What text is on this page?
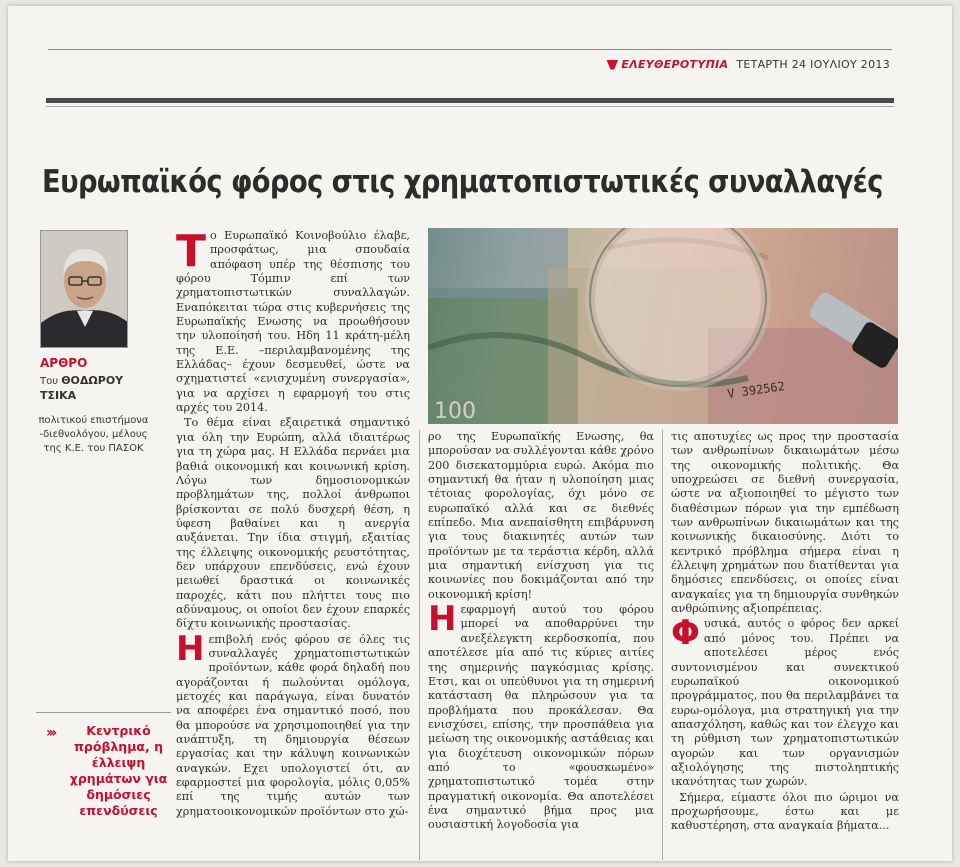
ΕΛΕΥΘΕΡΟΤΥΠΙΑ ΤΕΤΑΡΤΗ 24 ΙΟΥΛΙΟΥ 2013
Ευρωπαϊκός φόρος στις χρηματοπιστωτικές συναλλαγές
ΑΡΘΡΟ
Του ΘΟΔΩΡΟΥ
ΤΣΙΚΑ
πολιτικού επιστήμονα -διεθνολόγου, μέλους της Κ.Ε. του ΠΑΣΟΚ
›››	Κεντρικό πρόβλημα, η έλλειψη χρημάτων για δημόσιες επενδύσεις
100
V 392562

Τ ο Ευρωπαϊκό Κοινοβούλιο έλαβε, προσφάτως, μια σπουδαία απόφαση υπέρ της θέσπισης του φόρου Τόμπιν επί των χρηματοπιστωτικών συναλλαγών. Εναπόκειται τώρα στις κυβερνήσεις της Ευρωπαϊκής Ενωσης να προωθήσουν την υλοποίησή του. Ηδη 11 κράτη-μέλη της Ε.Ε. –περιλαμβανομένης της Ελλάδας– έχουν δεσμευθεί, ώστε να σχηματιστεί «ενισχυμένη συνεργασία», για να αρχίσει η εφαρμογή του στις αρχές του 2014.

Το θέμα είναι εξαιρετικά σημαντικό για όλη την Ευρώπη, αλλά ιδιαιτέρως για τη χώρα μας. Η Ελλάδα περνάει μια βαθιά οικονομική και κοινωνική κρίση. Λόγω των δημοσιονομικών προβλημάτων της, πολλοί άνθρωποι βρίσκονται σε πολύ δυσχερή θέση, η ύφεση βαθαίνει και η ανεργία αυξάνεται. Την ίδια στιγμή, εξαιτίας της έλλειψης οικονομικής ρευστότητας, δεν υπάρχουν επενδύσεις, ενώ έχουν μειωθεί δραστικά οι κοινωνικές παροχές, κάτι που πλήττει τους πιο αδύναμους, οι οποίοι δεν έχουν επαρκές δίχτυ κοινωνικής προστασίας.

Η επιβολή ενός φόρου σε όλες τις συναλλαγές χρηματοπιστωτικών προϊόντων, κάθε φορά δηλαδή που αγοράζονται ή πωλούνται ομόλογα, μετοχές και παράγωγα, είναι δυνατόν να αποφέρει ένα σημαντικό ποσό, που θα μπορούσε να χρησιμοποιηθεί για την ανάπτυξη, τη δημιουργία θέσεων εργασίας και την κάλυψη κοινωνικών αναγκών. Εχει υπολογιστεί ότι, αν εφαρμοστεί μια φορολογία, μόλις 0,05% επί της τιμής αυτών των χρηματοοικονομικών προϊόντων στο χώ-

ρο της Ευρωπαϊκής Ενωσης, θα μπορούσαν να συλλέγονται κάθε χρόνο 200 δισεκατομμύρια ευρώ. Ακόμα πιο σημαντική θα ήταν η υλοποίηση μιας τέτοιας φορολογίας, όχι μόνο σε ευρωπαϊκό αλλά και σε διεθνές επίπεδο. Μια ανεπαίσθητη επιβάρυνση για τους διακινητές αυτών των προϊόντων με τα τεράστια κέρδη, αλλά μια σημαντική ενίσχυση για τις κοινωνίες που δοκιμάζονται από την οικονομική κρίση!

Η εφαρμογή αυτού του φόρου μπορεί να αποθαρρύνει την ανεξέλεγκτη κερδοσκοπία, που αποτέλεσε μία από τις κύριες αιτίες της σημερινής παγκόσμιας κρίσης. Ετσι, και οι υπεύθυνοι για τη σημερινή κατάσταση θα πληρώσουν για τα προβλήματα που προκάλεσαν. Θα ενισχύσει, επίσης, την προσπάθεια για μείωση της οικονομικής αστάθειας και για διοχέτευση οικονομικών πόρων από το «φουσκωμένο» χρηματοπιστωτικό τομέα στην πραγματική οικονομία. Θα αποτελέσει ένα σημαντικό βήμα προς μια ουσιαστική λογοδοσία για

τις αποτυχίες ως προς την προστασία των ανθρωπίνων δικαιωμάτων μέσω της οικονομικής πολιτικής. Θα υποχρεώσει σε διεθνή συνεργασία, ώστε να αξιοποιηθεί το μέγιστο των διαθέσιμων πόρων για την εμπέδωση των ανθρωπίνων δικαιωμάτων και της κοινωνικής δικαιοσύνης. Διότι το κεντρικό πρόβλημα σήμερα είναι η έλλειψη χρημάτων που διατίθενται για δημόσιες επενδύσεις, οι οποίες είναι αναγκαίες για τη δημιουργία συνθηκών ανθρώπινης αξιοπρέπειας.

Φ υσικά, αυτός ο φόρος δεν αρκεί από μόνος του. Πρέπει να αποτελέσει μέρος ενός συντονισμένου και συνεκτικού ευρωπαϊκού οικονομικού προγράμματος, που θα περιλαμβάνει τα ευρω-ομόλογα, μια στρατηγική για την απασχόληση, καθώς και τον έλεγχο και τη ρύθμιση των χρηματοπιστωτικών αγορών και των οργανισμών αξιολόγησης της πιστοληπτικής ικανότητας των χωρών.

Σήμερα, είμαστε όλοι πιο ώριμοι να προχωρήσουμε, έστω και με καθυστέρηση, στα αναγκαία βήματα...
